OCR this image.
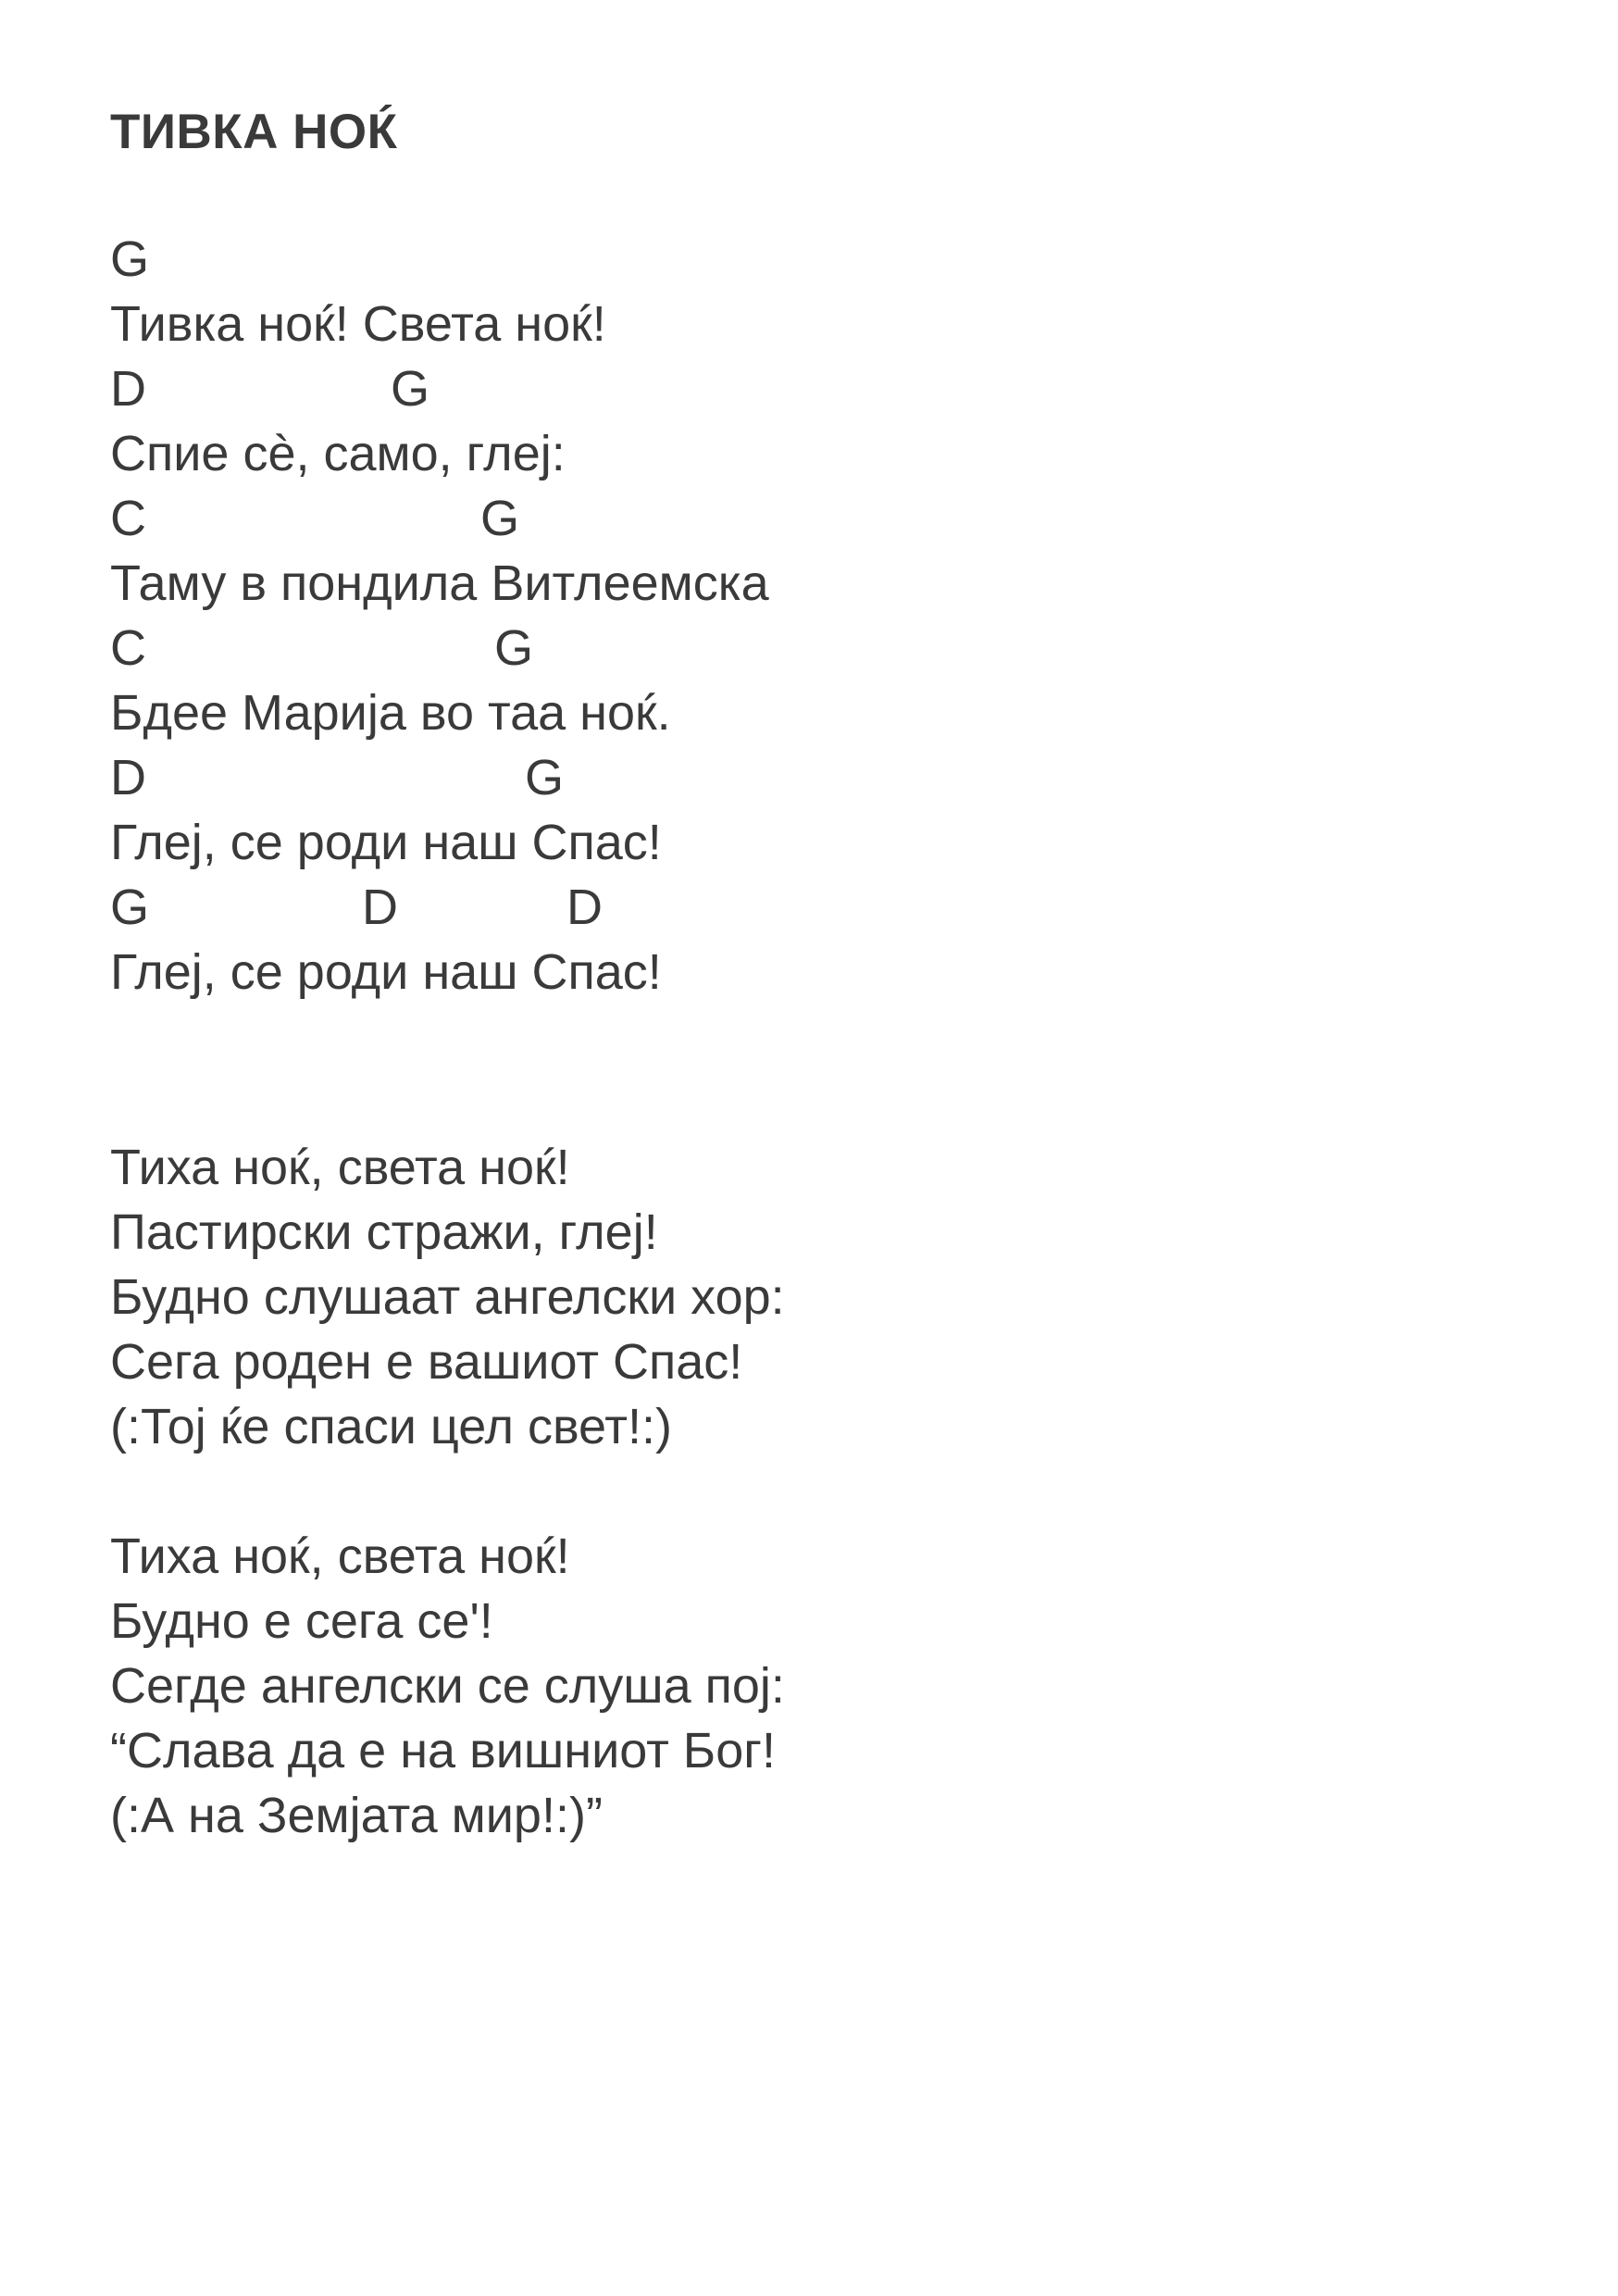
ТИВКА НОЌ

G

Тивка ноќ! Света ноќ!

D

	G

Спие сè, само, глеј:

C

	G

Таму в пондила Витлеемска

C

	G

Бдее Марија во таа ноќ.

D

	G

Глеј, се роди наш Спас!

G

	D

	D

Глеј, се роди наш Спас!
Тиха ноќ, света ноќ!
Пастирски стражи, глеј!
Будно слушаат ангелски хор:
Сега роден е вашиот Спас!
(:Тој ќе спаси цел свет!:)
Тиха ноќ, света ноќ!
Будно е сега се'!
Сегде ангелски се слуша пој:
“Слава да е на вишниот Бог!
(:А на Земјата мир!:)”
